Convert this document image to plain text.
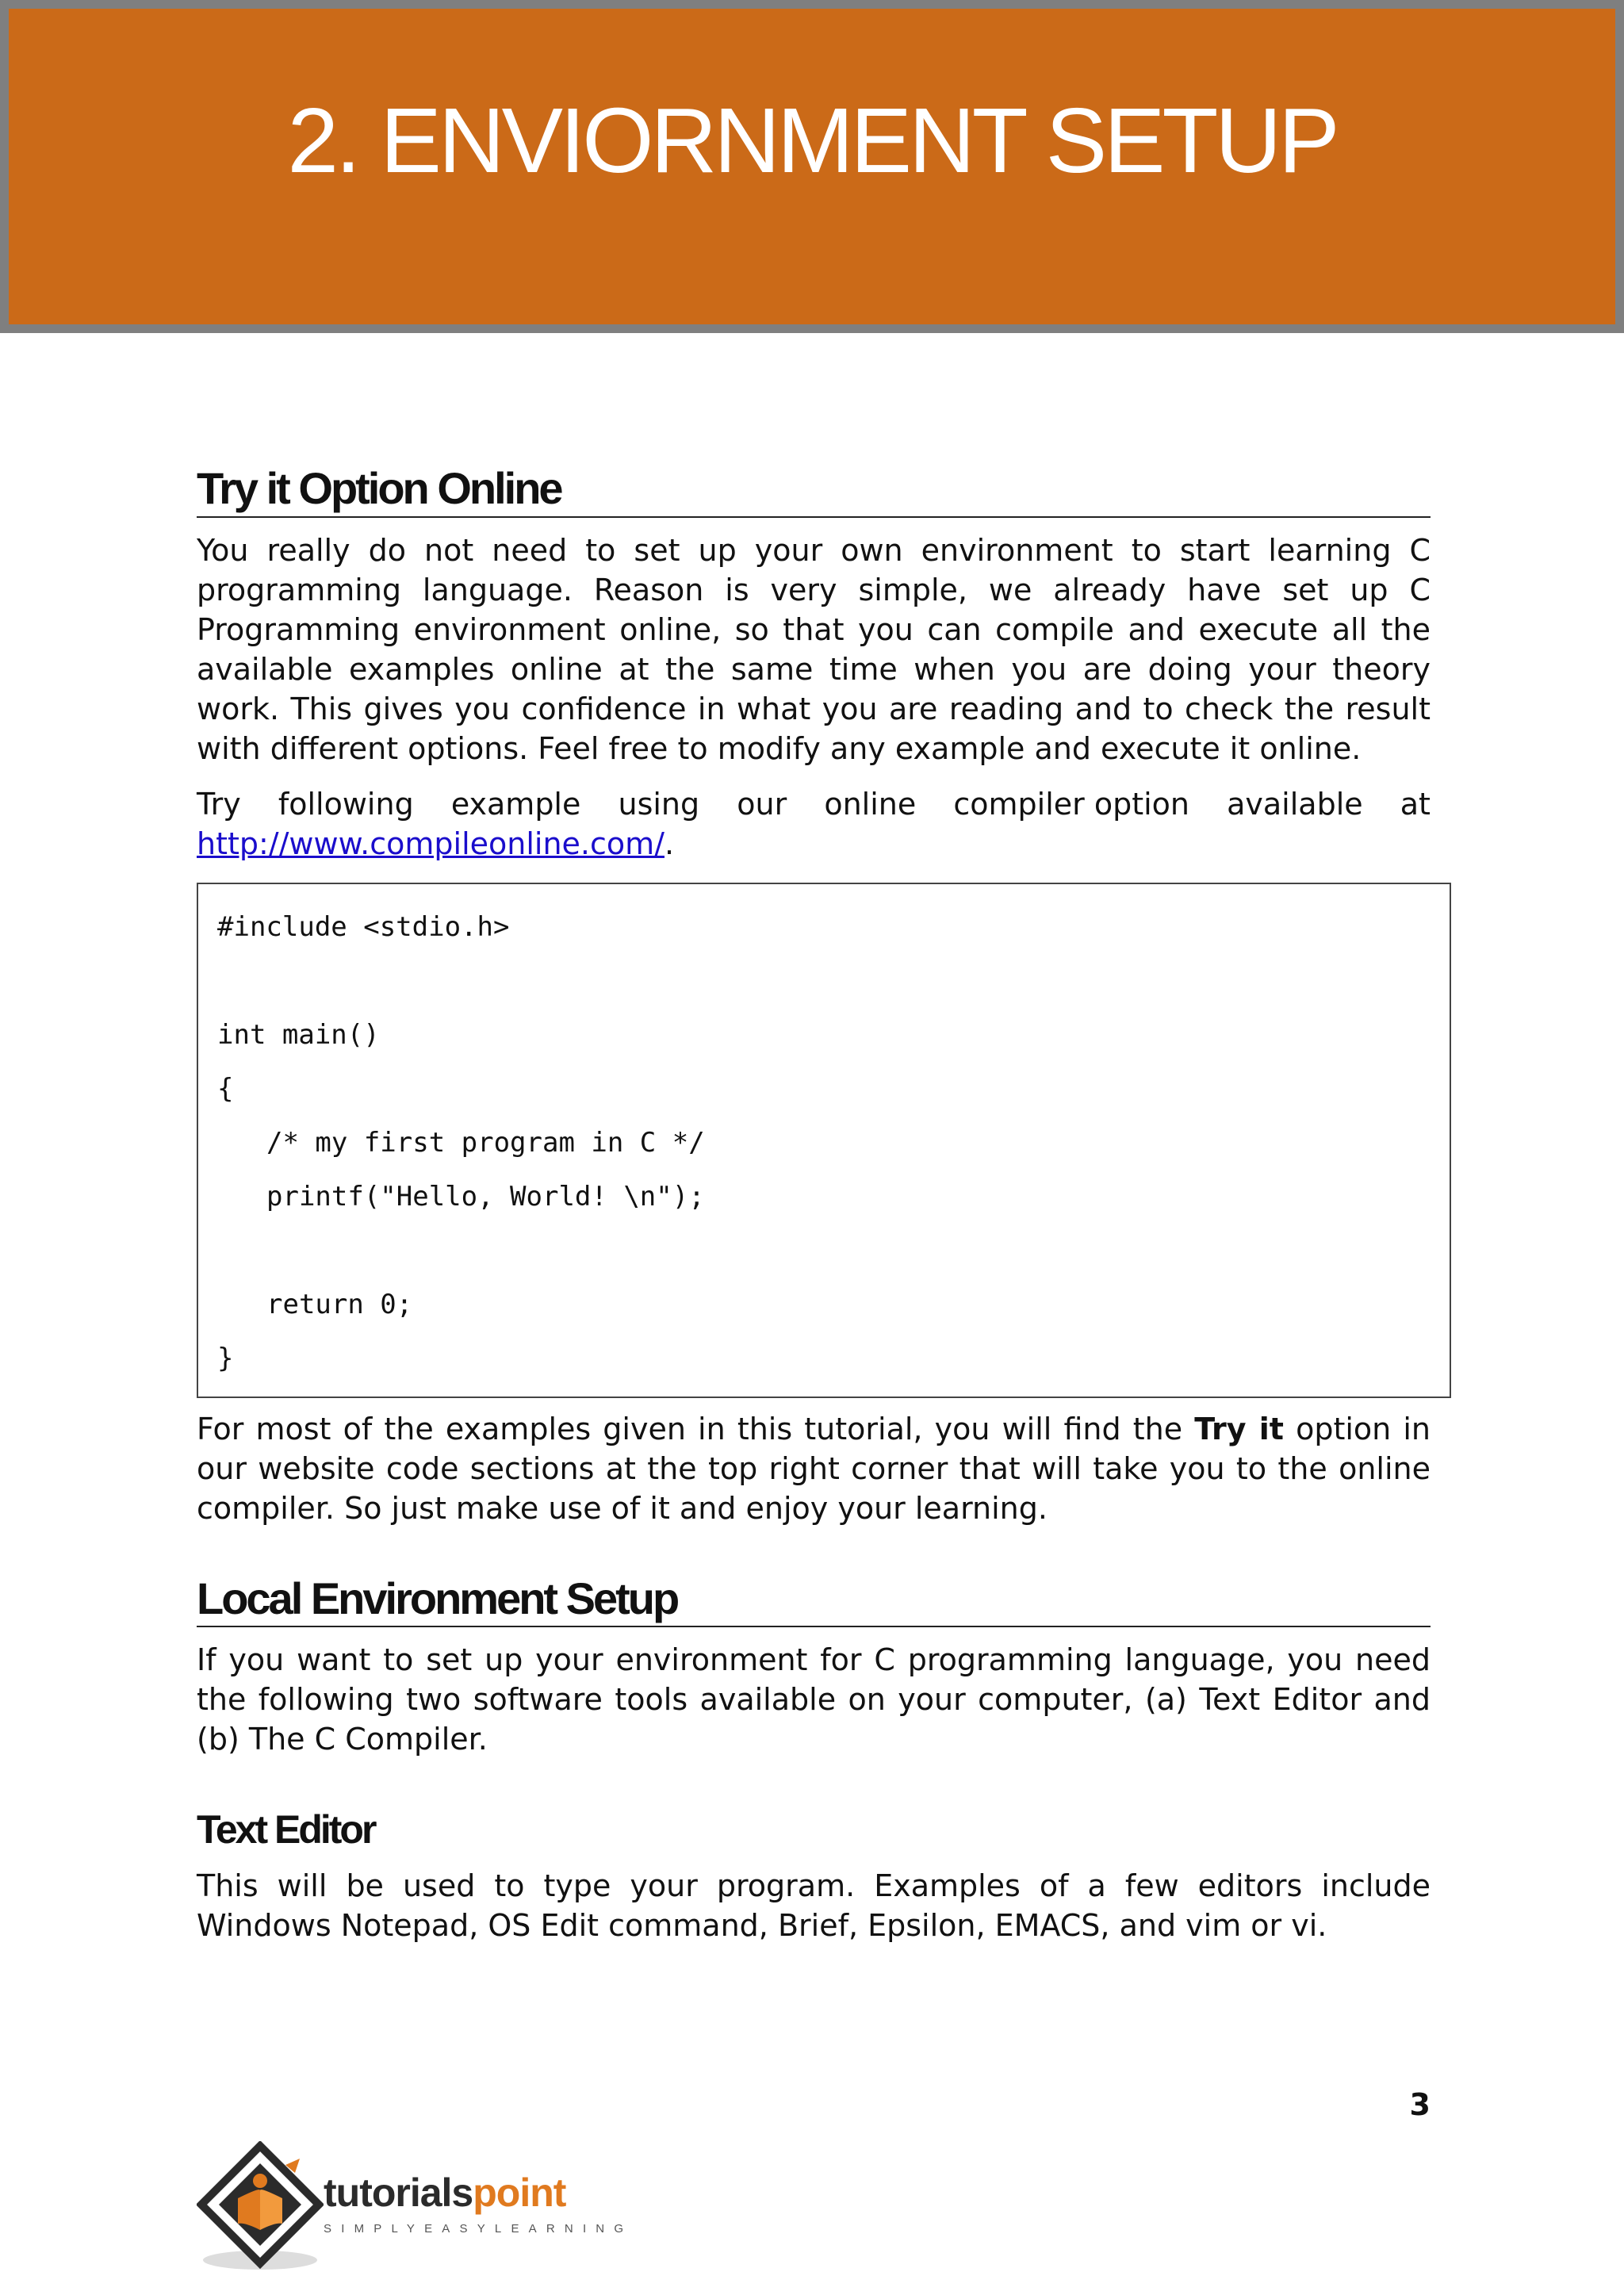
2. ENVIORNMENT SETUP
Try it Option Online

You really do not need to set up your own environment to start learning C programming language. Reason is very simple, we already have set up C Programming environment online, so that you can compile and execute all the available examples online at the same time when you are doing your theory work. This gives you confidence in what you are reading and to check the result with different options. Feel free to modify any example and execute it online.

Try following example using our online compiler option available at
http://www.compileonline.com/.
#include <stdio.h>
int main()
{
/* my first program in C */
printf("Hello, World! \n");
return 0;
}

For most of the examples given in this tutorial, you will find the Try it option in our website code sections at the top right corner that will take you to the online compiler. So just make use of it and enjoy your learning.

Local Environment Setup

If you want to set up your environment for C programming language, you need the following two software tools available on your computer, (a) Text Editor and (b) The C Compiler.

Text Editor

This will be used to type your program. Examples of a few editors include Windows Notepad, OS Edit command, Brief, Epsilon, EMACS, and vim or vi.

3
tutorialspoint
SIMPLYEASYLEARNING
